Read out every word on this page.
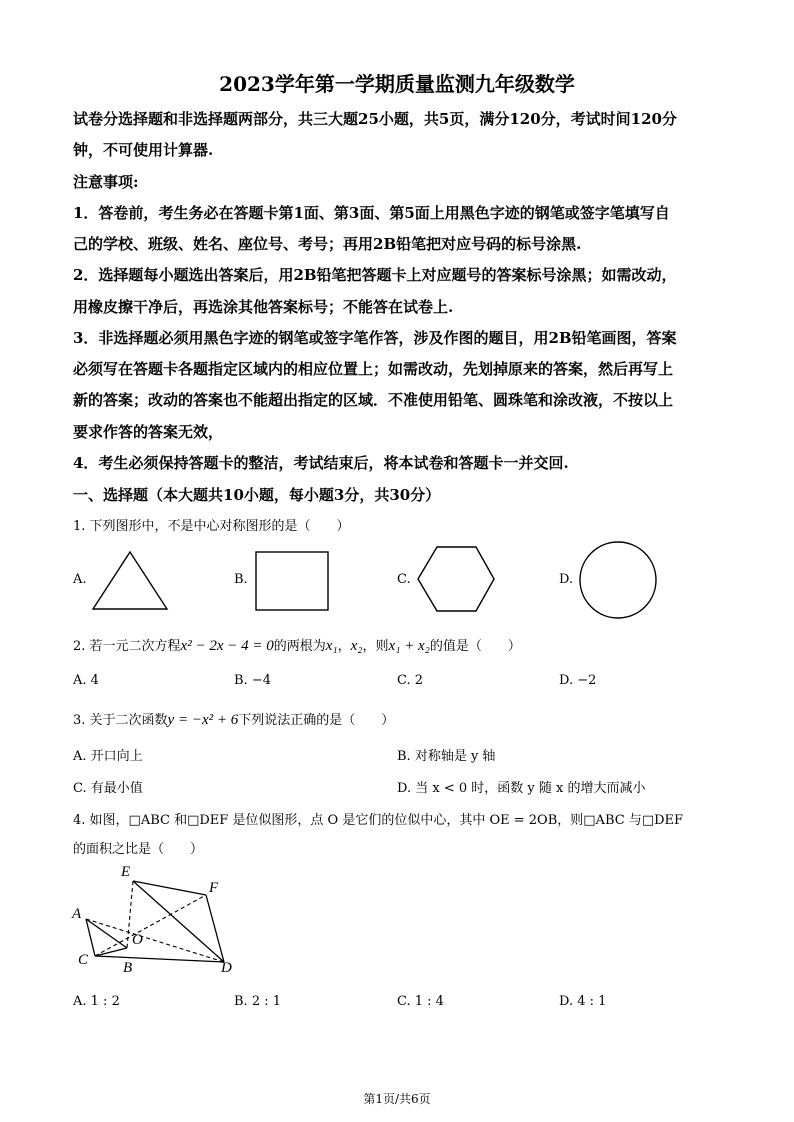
2023学年第一学期质量监测九年级数学
试卷分选择题和非选择题两部分，共三大题25小题，共5页，满分120分，考试时间120分
钟，不可使用计算器.
注意事项:
1．答卷前，考生务必在答题卡第1面、第3面、第5面上用黑色字迹的钢笔或签字笔填写自
己的学校、班级、姓名、座位号、考号；再用2B铅笔把对应号码的标号涂黑.
2．选择题每小题选出答案后，用2B铅笔把答题卡上对应题号的答案标号涂黑；如需改动，
用橡皮擦干净后，再选涂其他答案标号；不能答在试卷上.
3．非选择题必须用黑色字迹的钢笔或签字笔作答，涉及作图的题目，用2B铅笔画图，答案
必须写在答题卡各题指定区域内的相应位置上；如需改动，先划掉原来的答案，然后再写上
新的答案；改动的答案也不能超出指定的区域．不准使用铅笔、圆珠笔和涂改液，不按以上
要求作答的答案无效，
4．考生必须保持答题卡的整洁，考试结束后，将本试卷和答题卡一并交回.
一、选择题（本大题共10小题，每小题3分，共30分）
1. 下列图形中，不是中心对称图形的是（　　）
A.	B.	C.	D.
2. 若一元二次方程x² − 2x − 4 = 0的两根为x₁，x₂，则x₁ + x₂的值是（　　）
A. 4	B. −4	C. 2	D. −2
3. 关于二次函数y = −x² + 6下列说法正确的是（　　）
A. 开口向上	B. 对称轴是 y 轴
C. 有最小值	D. 当 x < 0 时，函数 y 随 x 的增大而减小
4. 如图，□ABC 和□DEF 是位似图形，点 O 是它们的位似中心，其中 OE = 2OB，则□ABC 与□DEF
的面积之比是（　　）
E
F
A
O
C B	D
A. 1 : 2	B. 2 : 1	C. 1 : 4	D. 4 : 1
第1页/共6页
